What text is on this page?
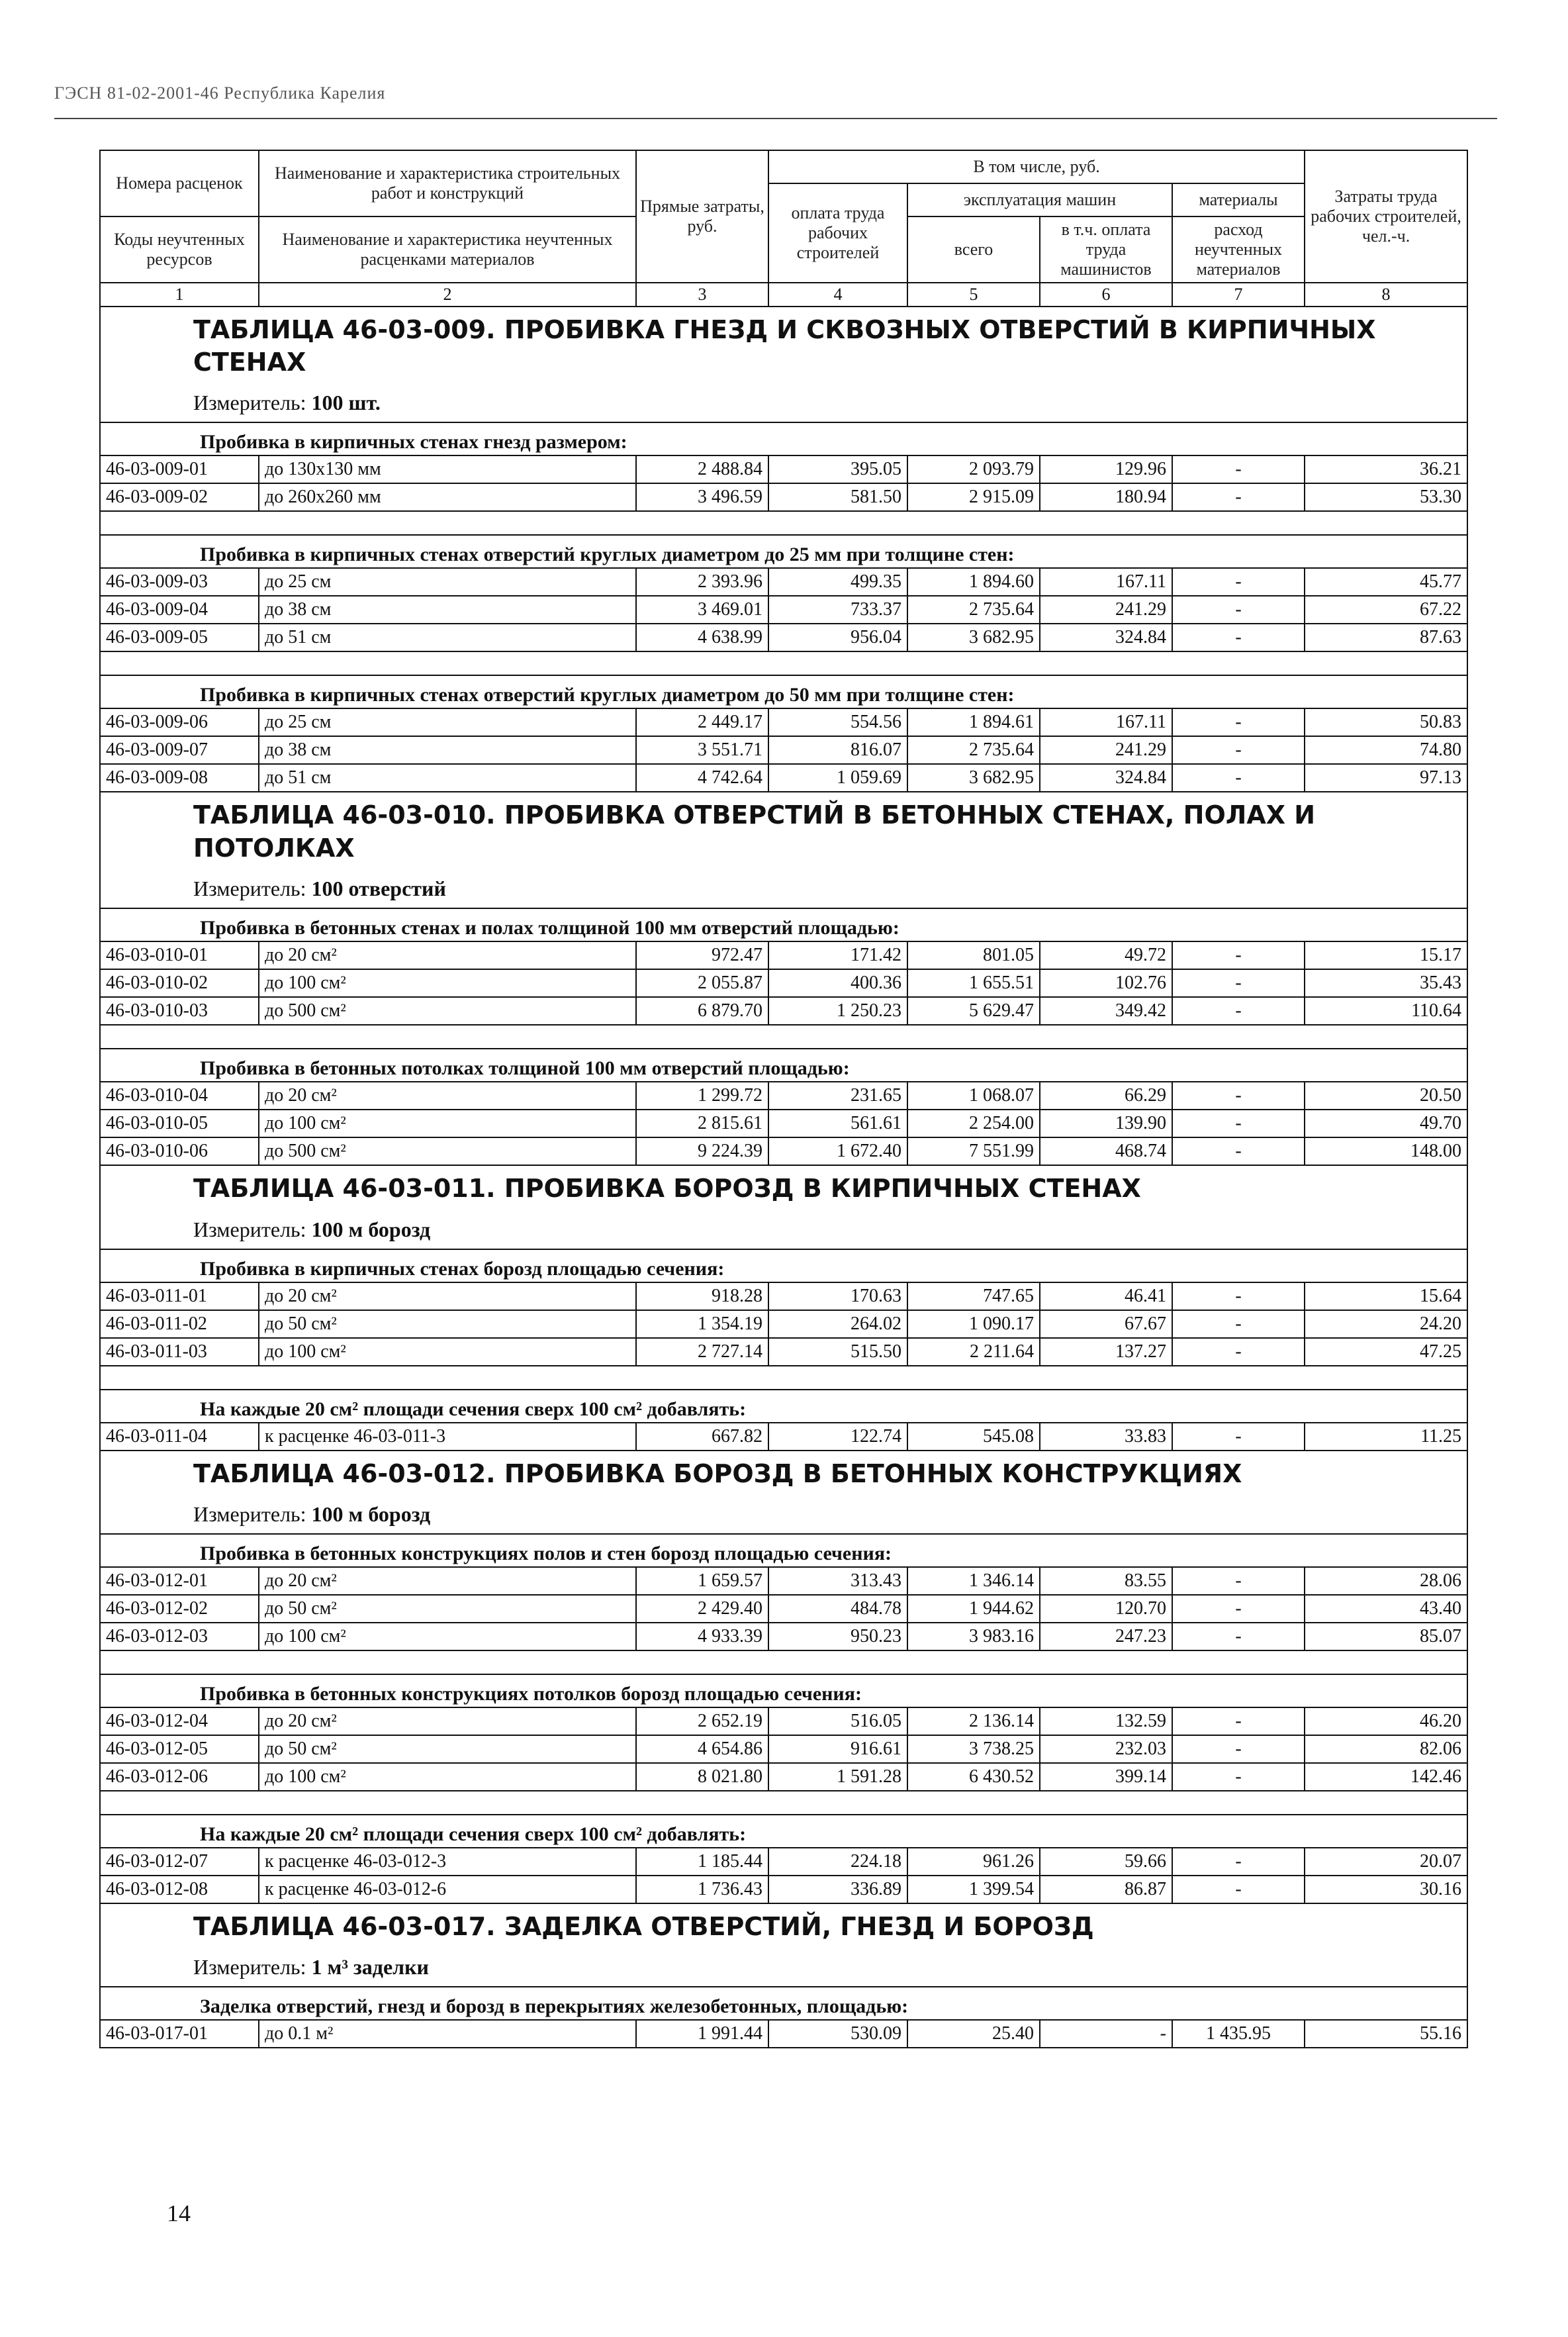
ГЭСН 81-02-2001-46 Республика Карелия
Номера расценок	Наименование и характеристика строительных работ и конструкций	Прямые затраты, руб.	В том числе, руб.				Затраты труда рабочих строителей, чел.-ч.
			оплата труда рабочих строителей	эксплуатация машин		материалы	
Коды неучтенных ресурсов	Наименование и характеристика неучтенных расценками материалов			всего	в т.ч. оплата труда машинистов	расход неучтенных материалов	

1	2	3	4	5	6	7	8

ТАБЛИЦА 46-03-009. ПРОБИВКА ГНЕЗД И СКВОЗНЫХ ОТВЕРСТИЙ В КИРПИЧНЫХ СТЕНАХ
Измеритель: 100 шт.							

Пробивка в кирпичных стенах гнезд размером:							
46-03-009-01	до 130х130 мм	2 488.84	395.05	2 093.79	129.96	-	36.21
46-03-009-02	до 260х260 мм	3 496.59	581.50	2 915.09	180.94	-	53.30

Пробивка в кирпичных стенах отверстий круглых диаметром до 25 мм при толщине стен:							
46-03-009-03	до 25 см	2 393.96	499.35	1 894.60	167.11	-	45.77
46-03-009-04	до 38 см	3 469.01	733.37	2 735.64	241.29	-	67.22
46-03-009-05	до 51 см	4 638.99	956.04	3 682.95	324.84	-	87.63

Пробивка в кирпичных стенах отверстий круглых диаметром до 50 мм при толщине стен:							
46-03-009-06	до 25 см	2 449.17	554.56	1 894.61	167.11	-	50.83
46-03-009-07	до 38 см	3 551.71	816.07	2 735.64	241.29	-	74.80
46-03-009-08	до 51 см	4 742.64	1 059.69	3 682.95	324.84	-	97.13

ТАБЛИЦА 46-03-010. ПРОБИВКА ОТВЕРСТИЙ В БЕТОННЫХ СТЕНАХ, ПОЛАХ И ПОТОЛКАХ
Измеритель: 100 отверстий							

Пробивка в бетонных стенах и полах толщиной 100 мм отверстий площадью:							
46-03-010-01	до 20 см²	972.47	171.42	801.05	49.72	-	15.17
46-03-010-02	до 100 см²	2 055.87	400.36	1 655.51	102.76	-	35.43
46-03-010-03	до 500 см²	6 879.70	1 250.23	5 629.47	349.42	-	110.64

Пробивка в бетонных потолках толщиной 100 мм отверстий площадью:							
46-03-010-04	до 20 см²	1 299.72	231.65	1 068.07	66.29	-	20.50
46-03-010-05	до 100 см²	2 815.61	561.61	2 254.00	139.90	-	49.70
46-03-010-06	до 500 см²	9 224.39	1 672.40	7 551.99	468.74	-	148.00

ТАБЛИЦА 46-03-011. ПРОБИВКА БОРОЗД В КИРПИЧНЫХ СТЕНАХ
Измеритель: 100 м борозд							

Пробивка в кирпичных стенах борозд площадью сечения:							
46-03-011-01	до 20 см²	918.28	170.63	747.65	46.41	-	15.64
46-03-011-02	до 50 см²	1 354.19	264.02	1 090.17	67.67	-	24.20
46-03-011-03	до 100 см²	2 727.14	515.50	2 211.64	137.27	-	47.25

На каждые 20 см² площади сечения сверх 100 см² добавлять:							
46-03-011-04	к расценке 46-03-011-3	667.82	122.74	545.08	33.83	-	11.25

ТАБЛИЦА 46-03-012. ПРОБИВКА БОРОЗД В БЕТОННЫХ КОНСТРУКЦИЯХ
Измеритель: 100 м борозд							

Пробивка в бетонных конструкциях полов и стен борозд площадью сечения:							
46-03-012-01	до 20 см²	1 659.57	313.43	1 346.14	83.55	-	28.06
46-03-012-02	до 50 см²	2 429.40	484.78	1 944.62	120.70	-	43.40
46-03-012-03	до 100 см²	4 933.39	950.23	3 983.16	247.23	-	85.07

Пробивка в бетонных конструкциях потолков борозд площадью сечения:							
46-03-012-04	до 20 см²	2 652.19	516.05	2 136.14	132.59	-	46.20
46-03-012-05	до 50 см²	4 654.86	916.61	3 738.25	232.03	-	82.06
46-03-012-06	до 100 см²	8 021.80	1 591.28	6 430.52	399.14	-	142.46

На каждые 20 см² площади сечения сверх 100 см² добавлять:							
46-03-012-07	к расценке 46-03-012-3	1 185.44	224.18	961.26	59.66	-	20.07
46-03-012-08	к расценке 46-03-012-6	1 736.43	336.89	1 399.54	86.87	-	30.16

ТАБЛИЦА 46-03-017. ЗАДЕЛКА ОТВЕРСТИЙ, ГНЕЗД И БОРОЗД
Измеритель: 1 м³ заделки							

Заделка отверстий, гнезд и борозд в перекрытиях железобетонных, площадью:							
46-03-017-01	до 0.1 м²	1 991.44	530.09	25.40	-	1 435.95	55.16
14
